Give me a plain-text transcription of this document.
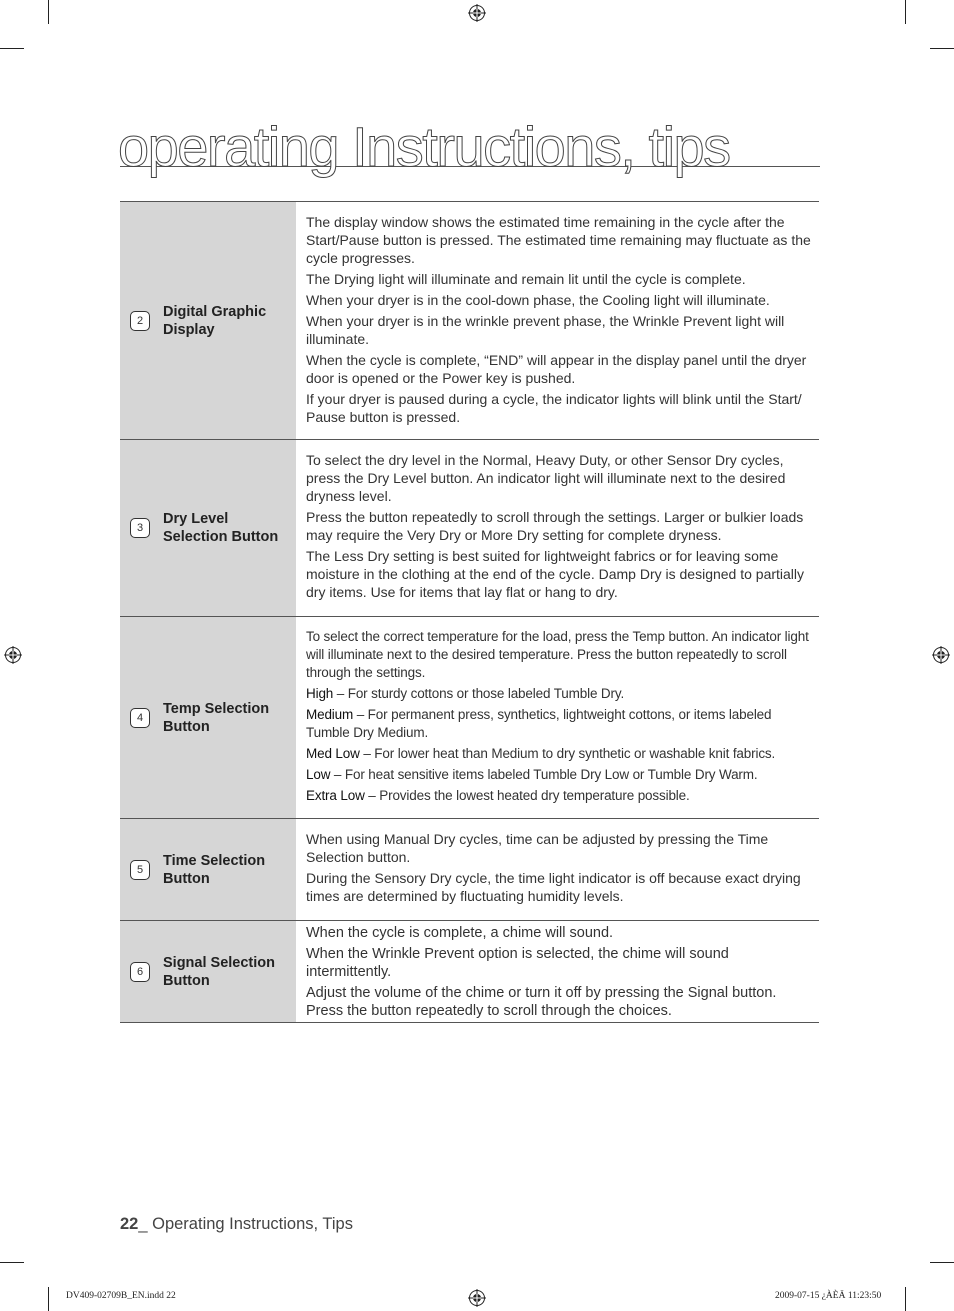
operating Instructions, tips
2
Digital Graphic
Display

The display window shows the estimated time remaining in the cycle after the Start/Pause button is pressed. The estimated time remaining may fluctuate as the cycle progresses.

The Drying light will illuminate and remain lit until the cycle is complete.

When your dryer is in the cool-down phase, the Cooling light will illuminate.

When your dryer is in the wrinkle prevent phase, the Wrinkle Prevent light will illuminate.

When the cycle is complete, “END” will appear in the display panel until the dryer door is opened or the Power key is pushed.

If your dryer is paused during a cycle, the indicator lights will blink until the Start/ Pause button is pressed.

3
Dry Level
Selection Button

To select the dry level in the Normal, Heavy Duty, or other Sensor Dry cycles, press the Dry Level button. An indicator light will illuminate next to the desired dryness level.

Press the button repeatedly to scroll through the settings. Larger or bulkier loads may require the Very Dry or More Dry setting for complete dryness.

The Less Dry setting is best suited for lightweight fabrics or for leaving some moisture in the clothing at the end of the cycle. Damp Dry is designed to partially dry items. Use for items that lay flat or hang to dry.

4
Temp Selection
Button

To select the correct temperature for the load, press the Temp button. An indicator light will illuminate next to the desired temperature. Press the button repeatedly to scroll through the settings.

High – For sturdy cottons or those labeled Tumble Dry.

Medium – For permanent press, synthetics, lightweight cottons, or items labeled Tumble Dry Medium.

Med Low – For lower heat than Medium to dry synthetic or washable knit fabrics.

Low – For heat sensitive items labeled Tumble Dry Low or Tumble Dry Warm.

Extra Low – Provides the lowest heated dry temperature possible.

5
Time Selection
Button

When using Manual Dry cycles, time can be adjusted by pressing the Time Selection button.

During the Sensory Dry cycle, the time light indicator is off because exact drying times are determined by fluctuating humidity levels.

6
Signal Selection
Button

When the cycle is complete, a chime will sound.

When the Wrinkle Prevent option is selected, the chime will sound intermittently.

Adjust the volume of the chime or turn it off by pressing the Signal button. Press the button repeatedly to scroll through the choices.

22_ Operating Instructions, Tips
DV409-02709B_EN.indd 22	2009-07-15 ¿ÀÈÄ 11:23:50
